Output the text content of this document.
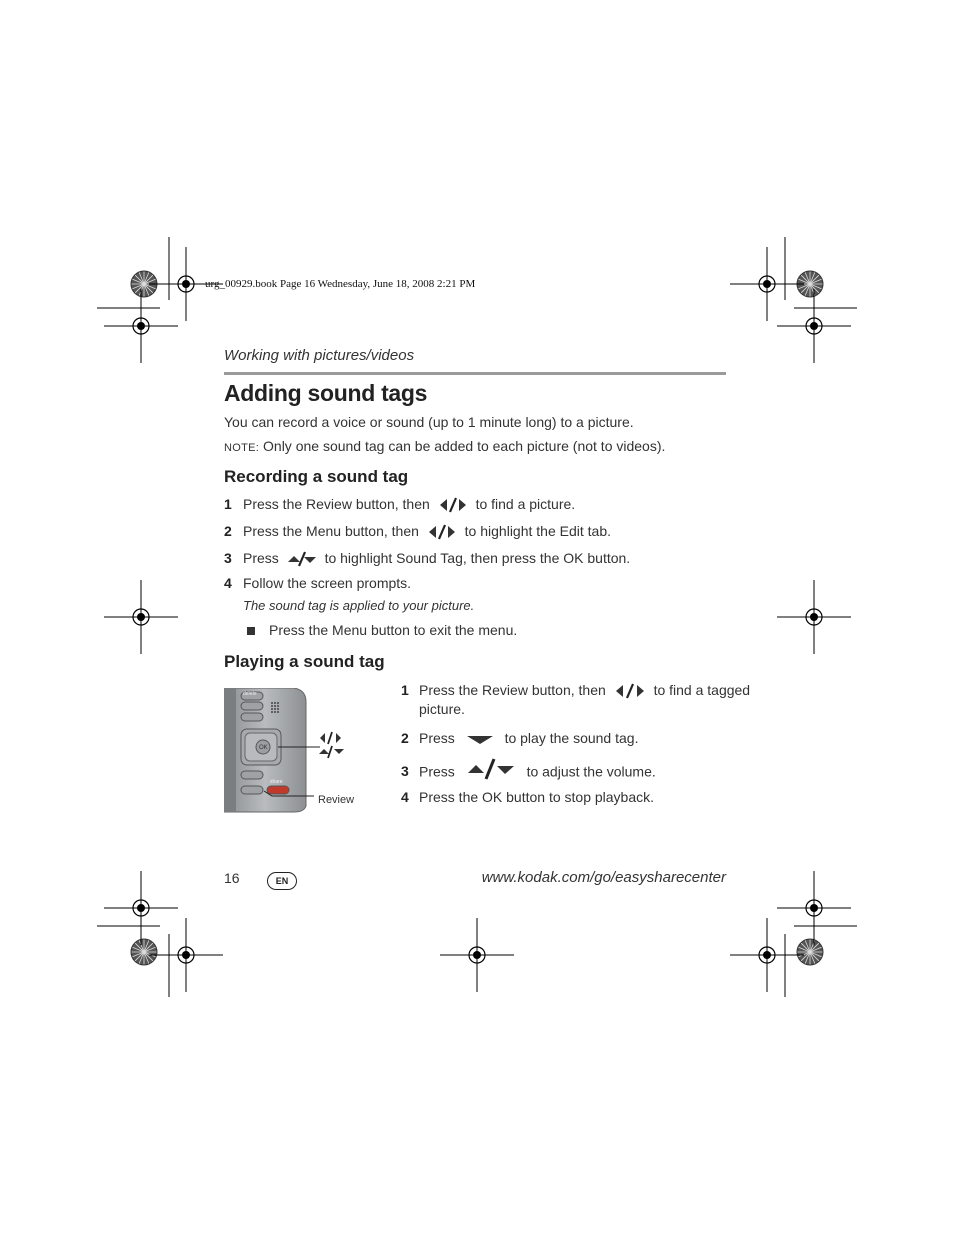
urg_00929.book Page 16 Wednesday, June 18, 2008 2:21 PM
Working with pictures/videos
Adding sound tags
You can record a voice or sound (up to 1 minute long) to a picture.
NOTE: Only one sound tag can be added to each picture (not to videos).
Recording a sound tag
1 Press the Review button, then	to find a picture.
2 Press the Menu button, then	to highlight the Edit tab.
3 Press	to highlight Sound Tag, then press the OK button.
4 Follow the screen prompts.
The sound tag is applied to your picture.
Press the Menu button to exit the menu.
Playing a sound tag
delete
OK
share
Review
1 Press the Review button, then	to find a tagged
picture.
2 Press	to play the sound tag.
3 Press	to adjust the volume.
4 Press the OK button to stop playback.
16	EN	www.kodak.com/go/easysharecenter
